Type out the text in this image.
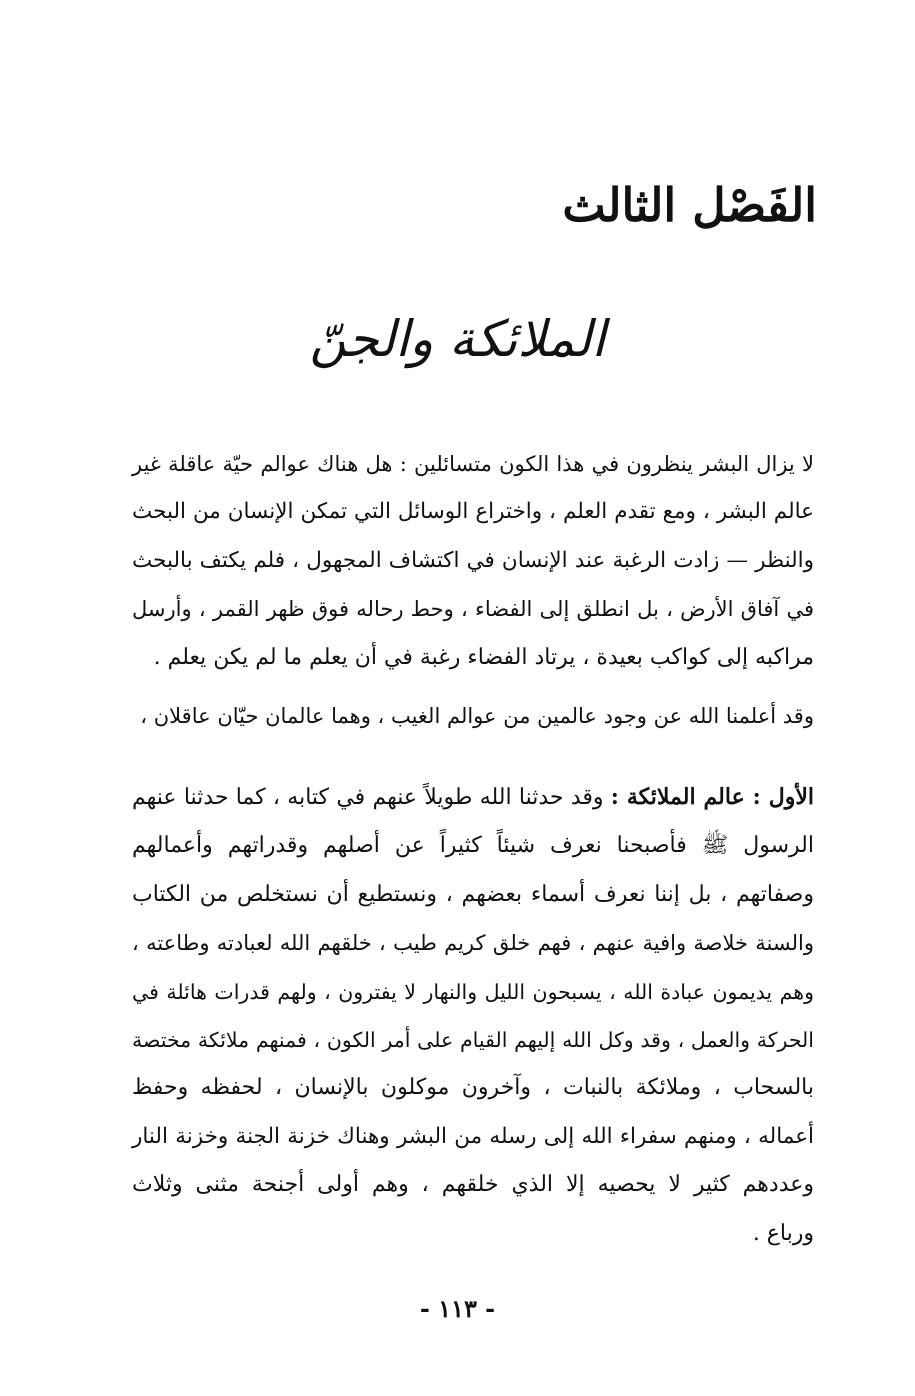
الفَصْل الثالث
الملائكة والجنّ
لا يزال البشر ينظرون في هذا الكون متسائلين : هل هناك عوالم حيّة عاقلة غير
عالم البشر ، ومع تقدم العلم ، واختراع الوسائل التي تمكن الإنسان من البحث
والنظر — زادت الرغبة عند الإنسان في اكتشاف المجهول ، فلم يكتف بالبحث
في آفاق الأرض ، بل انطلق إلى الفضاء ، وحط رحاله فوق ظهر القمر ، وأرسل
مراكبه إلى كواكب بعيدة ، يرتاد الفضاء رغبة في أن يعلم ما لم يكن يعلم .
وقد أعلمنا الله عن وجود عالمين من عوالم الغيب ، وهما عالمان حيّان عاقلان ،
الأول : عالم الملائكة : وقد حدثنا الله طويلاً عنهم في كتابه ، كما حدثنا عنهم
الرسول ﷺ فأصبحنا نعرف شيئاً كثيراً عن أصلهم وقدراتهم وأعمالهم
وصفاتهم ، بل إننا نعرف أسماء بعضهم ، ونستطيع أن نستخلص من الكتاب
والسنة خلاصة وافية عنهم ، فهم خلق كريم طيب ، خلقهم الله لعبادته وطاعته ،
وهم يديمون عبادة الله ، يسبحون الليل والنهار لا يفترون ، ولهم قدرات هائلة في
الحركة والعمل ، وقد وكل الله إليهم القيام على أمر الكون ، فمنهم ملائكة مختصة
بالسحاب ، وملائكة بالنبات ، وآخرون موكلون بالإنسان ، لحفظه وحفظ
أعماله ، ومنهم سفراء الله إلى رسله من البشر وهناك خزنة الجنة وخزنة النار
وعددهم كثير لا يحصيه إلا الذي خلقهم ، وهم أولى أجنحة مثنى وثلاث
ورباع .
- ١١٣ -
